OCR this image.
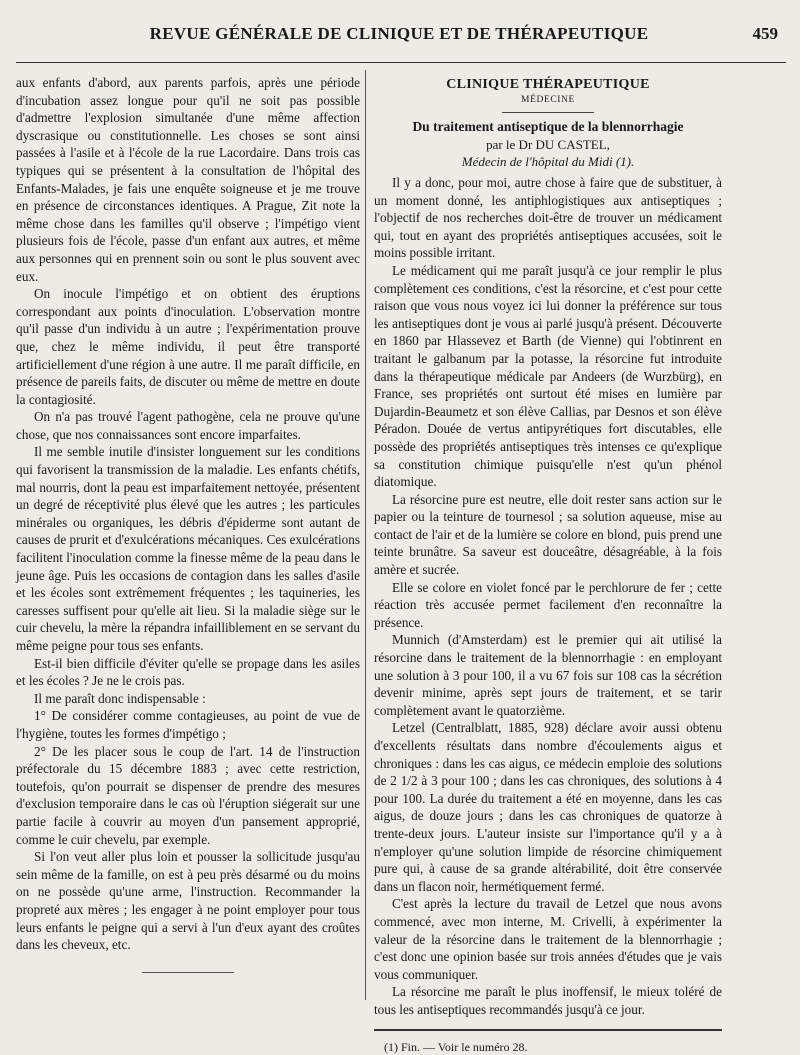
REVUE GÉNÉRALE DE CLINIQUE ET DE THÉRAPEUTIQUE	459

aux enfants d'abord, aux parents parfois, après une période d'incubation assez longue pour qu'il ne soit pas possible d'admettre l'explosion simultanée d'une même affection dyscrasique ou constitutionnelle. Les choses se sont ainsi passées à l'asile et à l'école de la rue Lacordaire. Dans trois cas typiques qui se présentent à la consultation de l'hôpital des Enfants-Malades, je fais une enquête soigneuse et je me trouve en présence de circonstances identiques. A Prague, Zit note la même chose dans les familles qu'il observe ; l'impétigo vient plusieurs fois de l'école, passe d'un enfant aux autres, et même aux personnes qui en prennent soin ou sont le plus souvent avec eux.

On inocule l'impétigo et on obtient des éruptions correspondant aux points d'inoculation. L'observation montre qu'il passe d'un individu à un autre ; l'expérimentation prouve que, chez le même individu, il peut être transporté artificiellement d'une région à une autre. Il me paraît difficile, en présence de pareils faits, de discuter ou même de mettre en doute la contagiosité.

On n'a pas trouvé l'agent pathogène, cela ne prouve qu'une chose, que nos connaissances sont encore imparfaites.

Il me semble inutile d'insister longuement sur les conditions qui favorisent la transmission de la maladie. Les enfants chétifs, mal nourris, dont la peau est imparfaitement nettoyée, présentent un degré de réceptivité plus élevé que les autres ; les particules minérales ou organiques, les débris d'épiderme sont autant de causes de prurit et d'exulcérations mécaniques. Ces exulcérations facilitent l'inoculation comme la finesse même de la peau dans le jeune âge. Puis les occasions de contagion dans les salles d'asile et les écoles sont extrêmement fréquentes ; les taquineries, les caresses suffisent pour qu'elle ait lieu. Si la maladie siège sur le cuir chevelu, la mère la répandra infailliblement en se servant du même peigne pour tous ses enfants.

Est-il bien difficile d'éviter qu'elle se propage dans les asiles et les écoles ? Je ne le crois pas.

Il me paraît donc indispensable :

1° De considérer comme contagieuses, au point de vue de l'hygiène, toutes les formes d'impétigo ;

2° De les placer sous le coup de l'art. 14 de l'instruction préfectorale du 15 décembre 1883 ; avec cette restriction, toutefois, qu'on pourrait se dispenser de prendre des mesures d'exclusion temporaire dans le cas où l'éruption siégerait sur une partie facile à couvrir au moyen d'un pansement approprié, comme le cuir chevelu, par exemple.

Si l'on veut aller plus loin et pousser la sollicitude jusqu'au sein même de la famille, on est à peu près désarmé ou du moins on ne possède qu'une arme, l'instruction. Recommander la propreté aux mères ; les engager à ne point employer pour tous leurs enfants le peigne qui a servi à l'un d'eux ayant des croûtes dans les cheveux, etc.

CLINIQUE THÉRAPEUTIQUE
MÉDECINE
Du traitement antiseptique de la blennorrhagie
par le Dr DU CASTEL,
Médecin de l'hôpital du Midi (1).

Il y a donc, pour moi, autre chose à faire que de substituer, à un moment donné, les antiphlogistiques aux antiseptiques ; l'objectif de nos recherches doit-être de trouver un médicament qui, tout en ayant des propriétés antiseptiques accusées, soit le moins possible irritant.

Le médicament qui me paraît jusqu'à ce jour remplir le plus complètement ces conditions, c'est la résorcine, et c'est pour cette raison que vous nous voyez ici lui donner la préférence sur tous les antiseptiques dont je vous ai parlé jusqu'à présent. Découverte en 1860 par Hlassevez et Barth (de Vienne) qui l'obtinrent en traitant le galbanum par la potasse, la résorcine fut introduite dans la thérapeutique médicale par Andeers (de Wurzbürg), en France, ses propriétés ont surtout été mises en lumière par Dujardin-Beaumetz et son élève Callias, par Desnos et son élève Péradon. Douée de vertus antipyrétiques fort discutables, elle possède des propriétés antiseptiques très intenses ce qu'explique sa constitution chimique puisqu'elle n'est qu'un phénol diatomique.

La résorcine pure est neutre, elle doit rester sans action sur le papier ou la teinture de tournesol ; sa solution aqueuse, mise au contact de l'air et de la lumière se colore en blond, puis prend une teinte brunâtre. Sa saveur est douceâtre, désagréable, à la fois amère et sucrée.

Elle se colore en violet foncé par le perchlorure de fer ; cette réaction très accusée permet facilement d'en reconnaître la présence.

Munnich (d'Amsterdam) est le premier qui ait utilisé la résorcine dans le traitement de la blennorrhagie : en employant une solution à 3 pour 100, il a vu 67 fois sur 108 cas la sécrétion devenir minime, après sept jours de traitement, et se tarir complètement avant le quatorzième.

Letzel (Centralblatt, 1885, 928) déclare avoir aussi obtenu d'excellents résultats dans nombre d'écoulements aigus et chroniques : dans les cas aigus, ce médecin emploie des solutions de 2 1/2 à 3 pour 100 ; dans les cas chroniques, des solutions à 4 pour 100. La durée du traitement a été en moyenne, dans les cas aigus, de douze jours ; dans les cas chroniques de quatorze à trente-deux jours. L'auteur insiste sur l'importance qu'il y a à n'employer qu'une solution limpide de résorcine chimiquement pure qui, à cause de sa grande altérabilité, doit être conservée dans un flacon noir, hermétiquement fermé.

C'est après la lecture du travail de Letzel que nous avons commencé, avec mon interne, M. Crivelli, à expérimenter la valeur de la résorcine dans le traitement de la blennorrhagie ; c'est donc une opinion basée sur trois années d'études que je vais vous communiquer.

La résorcine me paraît le plus inoffensif, le mieux toléré de tous les antiseptiques recommandés jusqu'à ce jour.

(1) Fin. — Voir le numéro 28.
